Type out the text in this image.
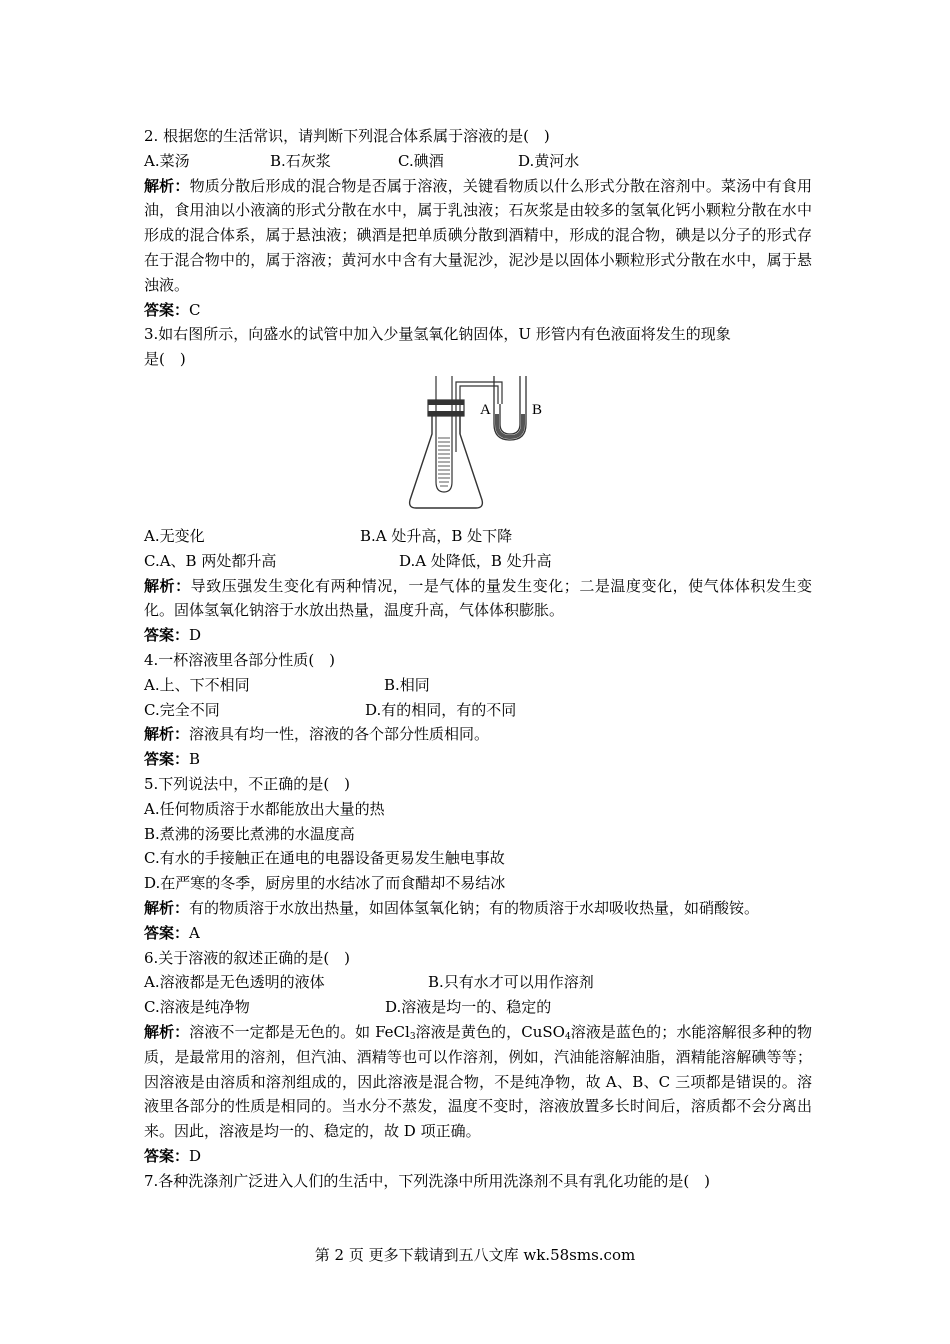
2. 根据您的生活常识，请判断下列混合体系属于溶液的是(　)
A.菜汤	B.石灰浆	C.碘酒	D.黄河水
解析：物质分散后形成的混合物是否属于溶液，关键看物质以什么形式分散在溶剂中。菜汤中有食用油，食用油以小液滴的形式分散在水中，属于乳浊液；石灰浆是由较多的氢氧化钙小颗粒分散在水中形成的混合体系，属于悬浊液；碘酒是把单质碘分散到酒精中，形成的混合物，碘是以分子的形式存在于混合物中的，属于溶液；黄河水中含有大量泥沙，泥沙是以固体小颗粒形式分散在水中，属于悬浊液。
答案：C
3.如右图所示，向盛水的试管中加入少量氢氧化钠固体，U 形管内有色液面将发生的现象
是(　)
A	B
A.无变化	B.A 处升高，B 处下降
C.A、B 两处都升高	D.A 处降低，B 处升高
解析：导致压强发生变化有两种情况，一是气体的量发生变化；二是温度变化，使气体体积发生变化。固体氢氧化钠溶于水放出热量，温度升高，气体体积膨胀。
答案：D
4.一杯溶液里各部分性质(　)
A.上、下不相同	B.相同
C.完全不同	D.有的相同，有的不同
解析：溶液具有均一性，溶液的各个部分性质相同。
答案：B
5.下列说法中，不正确的是(　)
A.任何物质溶于水都能放出大量的热
B.煮沸的汤要比煮沸的水温度高
C.有水的手接触正在通电的电器设备更易发生触电事故
D.在严寒的冬季，厨房里的水结冰了而食醋却不易结冰
解析：有的物质溶于水放出热量，如固体氢氧化钠；有的物质溶于水却吸收热量，如硝酸铵。
答案：A
6.关于溶液的叙述正确的是(　)
A.溶液都是无色透明的液体	B.只有水才可以用作溶剂
C.溶液是纯净物	D.溶液是均一的、稳定的
解析：溶液不一定都是无色的。如 FeCl$_3$溶液是黄色的，CuSO$_4$溶液是蓝色的；水能溶解很多种的物质，是最常用的溶剂，但汽油、酒精等也可以作溶剂，例如，汽油能溶解油脂，酒精能溶解碘等等；因溶液是由溶质和溶剂组成的，因此溶液是混合物，不是纯净物，故 A、B、C 三项都是错误的。溶液里各部分的性质是相同的。当水分不蒸发，温度不变时，溶液放置多长时间后，溶质都不会分离出来。因此，溶液是均一的、稳定的，故 D 项正确。
答案：D
7.各种洗涤剂广泛进入人们的生活中，下列洗涤中所用洗涤剂不具有乳化功能的是(　)
第 2 页 更多下载请到五八文库 wk.58sms.com
